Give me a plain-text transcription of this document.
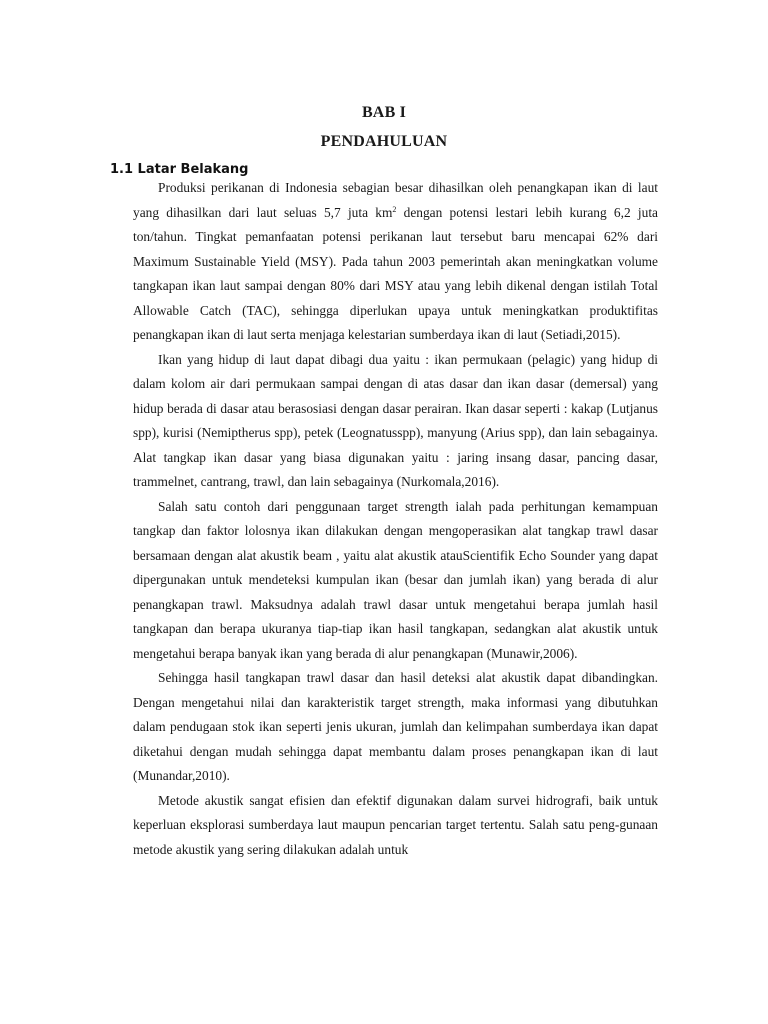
BAB I
PENDAHULUAN
1.1 Latar Belakang

Produksi perikanan di Indonesia sebagian besar dihasilkan oleh penangkapan ikan di laut yang dihasilkan dari laut seluas 5,7 juta $km^2$ dengan potensi lestari lebih kurang 6,2 juta ton/tahun. Tingkat pemanfaatan potensi perikanan laut tersebut baru mencapai 62% dari Maximum Sustainable Yield (MSY). Pada tahun 2003 pemerintah akan meningkatkan volume tangkapan ikan laut sampai dengan 80% dari MSY atau yang lebih dikenal dengan istilah Total Allowable Catch (TAC), sehingga diperlukan upaya untuk meningkatkan produktifitas penangkapan ikan di laut serta menjaga kelestarian sumberdaya ikan di laut (Setiadi,2015).

Ikan yang hidup di laut dapat dibagi dua yaitu : ikan permukaan (pelagic) yang hidup di dalam kolom air dari permukaan sampai dengan di atas dasar dan ikan dasar (demersal) yang hidup berada di dasar atau berasosiasi dengan dasar perairan. Ikan dasar seperti : kakap (Lutjanus spp), kurisi (Nemiptherus spp), petek (Leognatusspp), manyung (Arius spp), dan lain sebagainya. Alat tangkap ikan dasar yang biasa digunakan yaitu : jaring insang dasar, pancing dasar, trammelnet, cantrang, trawl, dan lain sebagainya (Nurkomala,2016).

Salah satu contoh dari penggunaan target strength ialah pada perhitungan kemampuan tangkap dan faktor lolosnya ikan dilakukan dengan mengoperasikan alat tangkap trawl dasar bersamaan dengan alat akustik beam , yaitu alat akustik atauScientifik Echo Sounder yang dapat dipergunakan untuk mendeteksi kumpulan ikan (besar dan jumlah ikan) yang berada di alur penangkapan trawl. Maksudnya adalah trawl dasar untuk mengetahui berapa jumlah hasil tangkapan dan berapa ukuranya tiap-tiap ikan hasil tangkapan, sedangkan alat akustik untuk mengetahui berapa banyak ikan yang berada di alur penangkapan (Munawir,2006).

Sehingga hasil tangkapan trawl dasar dan hasil deteksi alat akustik dapat dibandingkan. Dengan mengetahui nilai dan karakteristik target strength, maka informasi yang dibutuhkan dalam pendugaan stok ikan seperti jenis ukuran, jumlah dan kelimpahan sumberdaya ikan dapat diketahui dengan mudah sehingga dapat membantu dalam proses penangkapan ikan di laut (Munandar,2010).

Metode akustik sangat efisien dan efektif digunakan dalam survei hidrografi, baik untuk keperluan eksplorasi sumberdaya laut maupun pencarian target tertentu. Salah satu peng-gunaan metode akustik yang sering dilakukan adalah untuk
